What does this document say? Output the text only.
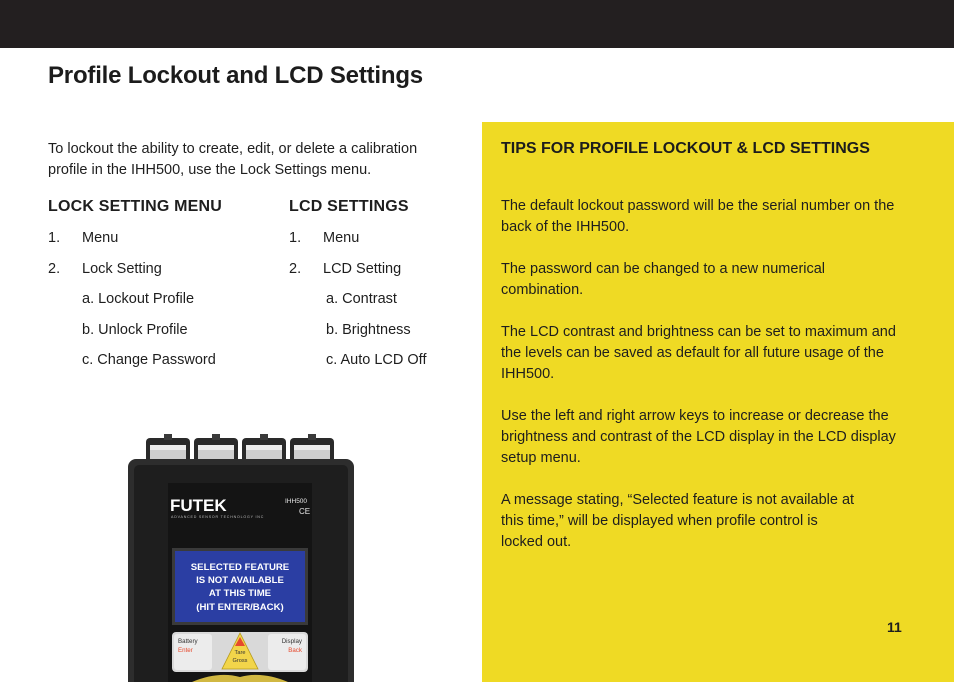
Profile Lockout and LCD Settings
To lockout the ability to create, edit, or delete a calibration profile in the IHH500, use the Lock Settings menu.
LOCK SETTING MENU
1. Menu
2. Lock Setting
a. Lockout Profile
b. Unlock Profile
c. Change Password
LCD SETTINGS
1. Menu
2. LCD Setting
a. Contrast
b. Brightness
c. Auto LCD Off
TIPS FOR PROFILE LOCKOUT & LCD SETTINGS

The default lockout password will be the serial number on the back of the IHH500.

The password can be changed to a new numerical combination.

The LCD contrast and brightness can be set to maximum and the levels can be saved as default for all future usage of the IHH500.

Use the left and right arrow keys to increase or decrease the brightness and contrast of the LCD display in the LCD display setup menu.

A message stating, “Selected feature is not available at this time,” will be displayed when profile control is locked out.

11
FUTEK
ADVANCED SENSOR TECHNOLOGY INC
IHH500
CE
SELECTED FEATURE
IS NOT AVAILABLE
AT THIS TIME
(HIT ENTER/BACK)
Battery
Enter
Display
Back
Tare
Gross
